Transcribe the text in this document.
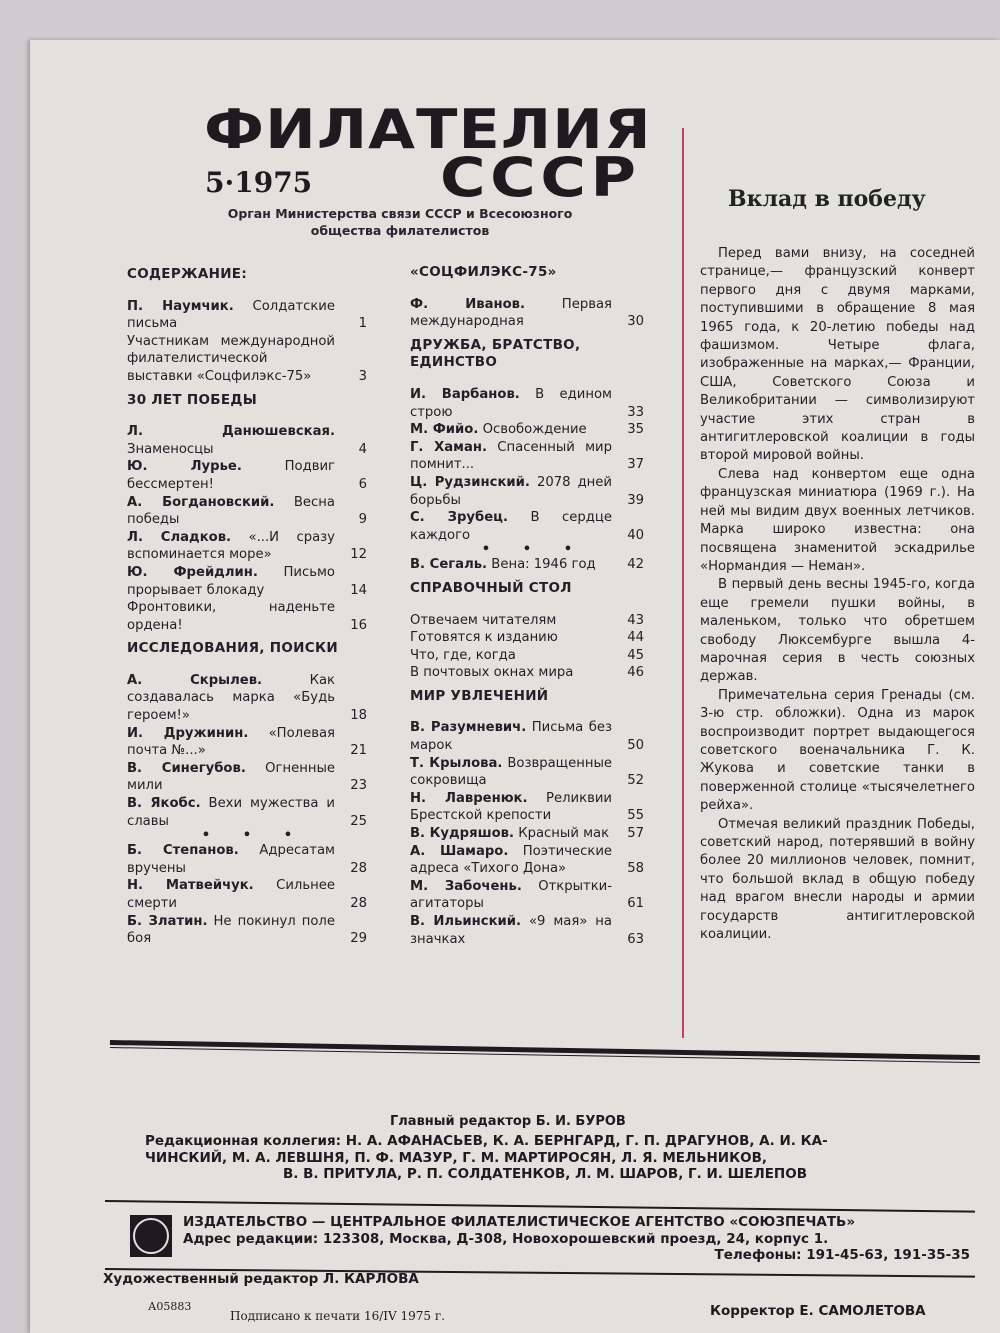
ФИЛАТЕЛИЯ
СССР
5·1975
Орган Министерства связи СССР и Всесоюзного
общества филателистов
СОДЕРЖАНИЕ:
П. Наумчик. Солдатские письма	1
Участникам международной филателистической выставки «Соцфилэкс-75»	3
30 ЛЕТ ПОБЕДЫ
Л. Данюшевская. Знаменосцы	4
Ю. Лурье.	Подвиг бессмертен!	6
А. Богдановский. Весна победы	9
Л. Сладков. «...И сразу вспоминается море»	12
Ю. Фрейдлин. Письмо прорывает блокаду	14
Фронтовики, наденьте ордена!	16
ИССЛЕДОВАНИЯ, ПОИСКИ
А. Скрылев.	Как создавалась марка «Будь героем!»	18
И. Дружинин. «Полевая почта №...»	21
В. Синегубов. Огненные мили	23
В. Якобс. Вехи мужества и славы	25
• • •
Б. Степанов. Адресатам вручены	28
Н. Матвейчук. Сильнее смерти	28
Б. Златин. Не покинул поле боя	29
«СОЦФИЛЭКС-75»
Ф. Иванов.	Первая международная	30
ДРУЖБА, БРАТСТВО, ЕДИНСТВО
И. Варбанов. В едином строю	33
М. Фийо. Освобождение	35
Г. Хаман. Спасенный мир помнит...	37
Ц. Рудзинский. 2078 дней борьбы	39
С. Зрубец. В сердце каждого	40
• • •
В. Сегаль. Вена: 1946 год	42
СПРАВОЧНЫЙ СТОЛ
Отвечаем читателям	43
Готовятся к изданию	44
Что, где, когда	45
В почтовых окнах мира	46
МИР УВЛЕЧЕНИЙ
В. Разумневич. Письма без марок	50
Т. Крылова. Возвращенные сокровища	52
Н. Лавренюк. Реликвии Брестской крепости	55
В. Кудряшов. Красный мак	57
А. Шамаро. Поэтические адреса «Тихого Дона»	58
М. Забочень. Открытки-агитаторы	61
В. Ильинский. «9 мая» на значках	63
Вклад в победу

Перед вами внизу, на соседней странице,— французский конверт первого дня с двумя марками, поступившими в обращение 8 мая 1965 года, к 20-летию победы над фашизмом. Четыре флага, изображенные на марках,— Франции, США, Советского Союза и Великобритании — символизируют участие этих стран в антигитлеровской коалиции в годы второй мировой войны.

Слева над конвертом еще одна французская миниатюра (1969 г.). На ней мы видим двух военных летчиков. Марка широко известна: она посвящена знаменитой эскадрилье «Нормандия — Неман».

В первый день весны 1945-го, когда еще гремели пушки войны, в маленьком, только что обретшем свободу Люксембурге вышла 4-марочная серия в честь союзных держав.

Примечательна серия Гренады (см. 3-ю стр. обложки). Одна из марок воспроизводит портрет выдающегося советского военачальника Г. К. Жукова и советские танки в поверженной столице «тысячелетнего рейха».

Отмечая великий праздник Победы, советский народ, потерявший в войну более 20 миллионов человек, помнит, что большой вклад в общую победу над врагом внесли народы и армии государств антигитлеровской коалиции.

Главный редактор Б. И. БУРОВ
Редакционная коллегия: Н. А. АФАНАСЬЕВ, К. А. БЕРНГАРД, Г. П. ДРАГУНОВ, А. И. КА-
ЧИНСКИЙ, М. А. ЛЕВШНЯ, П. Ф. МАЗУР, Г. М. МАРТИРОСЯН, Л. Я. МЕЛЬНИКОВ,
В. В. ПРИТУЛА, Р. П. СОЛДАТЕНКОВ, Л. М. ШАРОВ, Г. И. ШЕЛЕПОВ
ИЗДАТЕЛЬСТВО — ЦЕНТРАЛЬНОЕ ФИЛАТЕЛИСТИЧЕСКОЕ АГЕНТСТВО «СОЮЗПЕЧАТЬ»
Адрес редакции: 123308, Москва, Д-308, Новохорошевский проезд, 24, корпус 1.
Телефоны: 191-45-63, 191-35-35
Художественный редактор Л. КАРЛОВА
А05883
Подписано к печати 16/IV 1975 г.	Корректор Е. САМОЛЕТОВА
